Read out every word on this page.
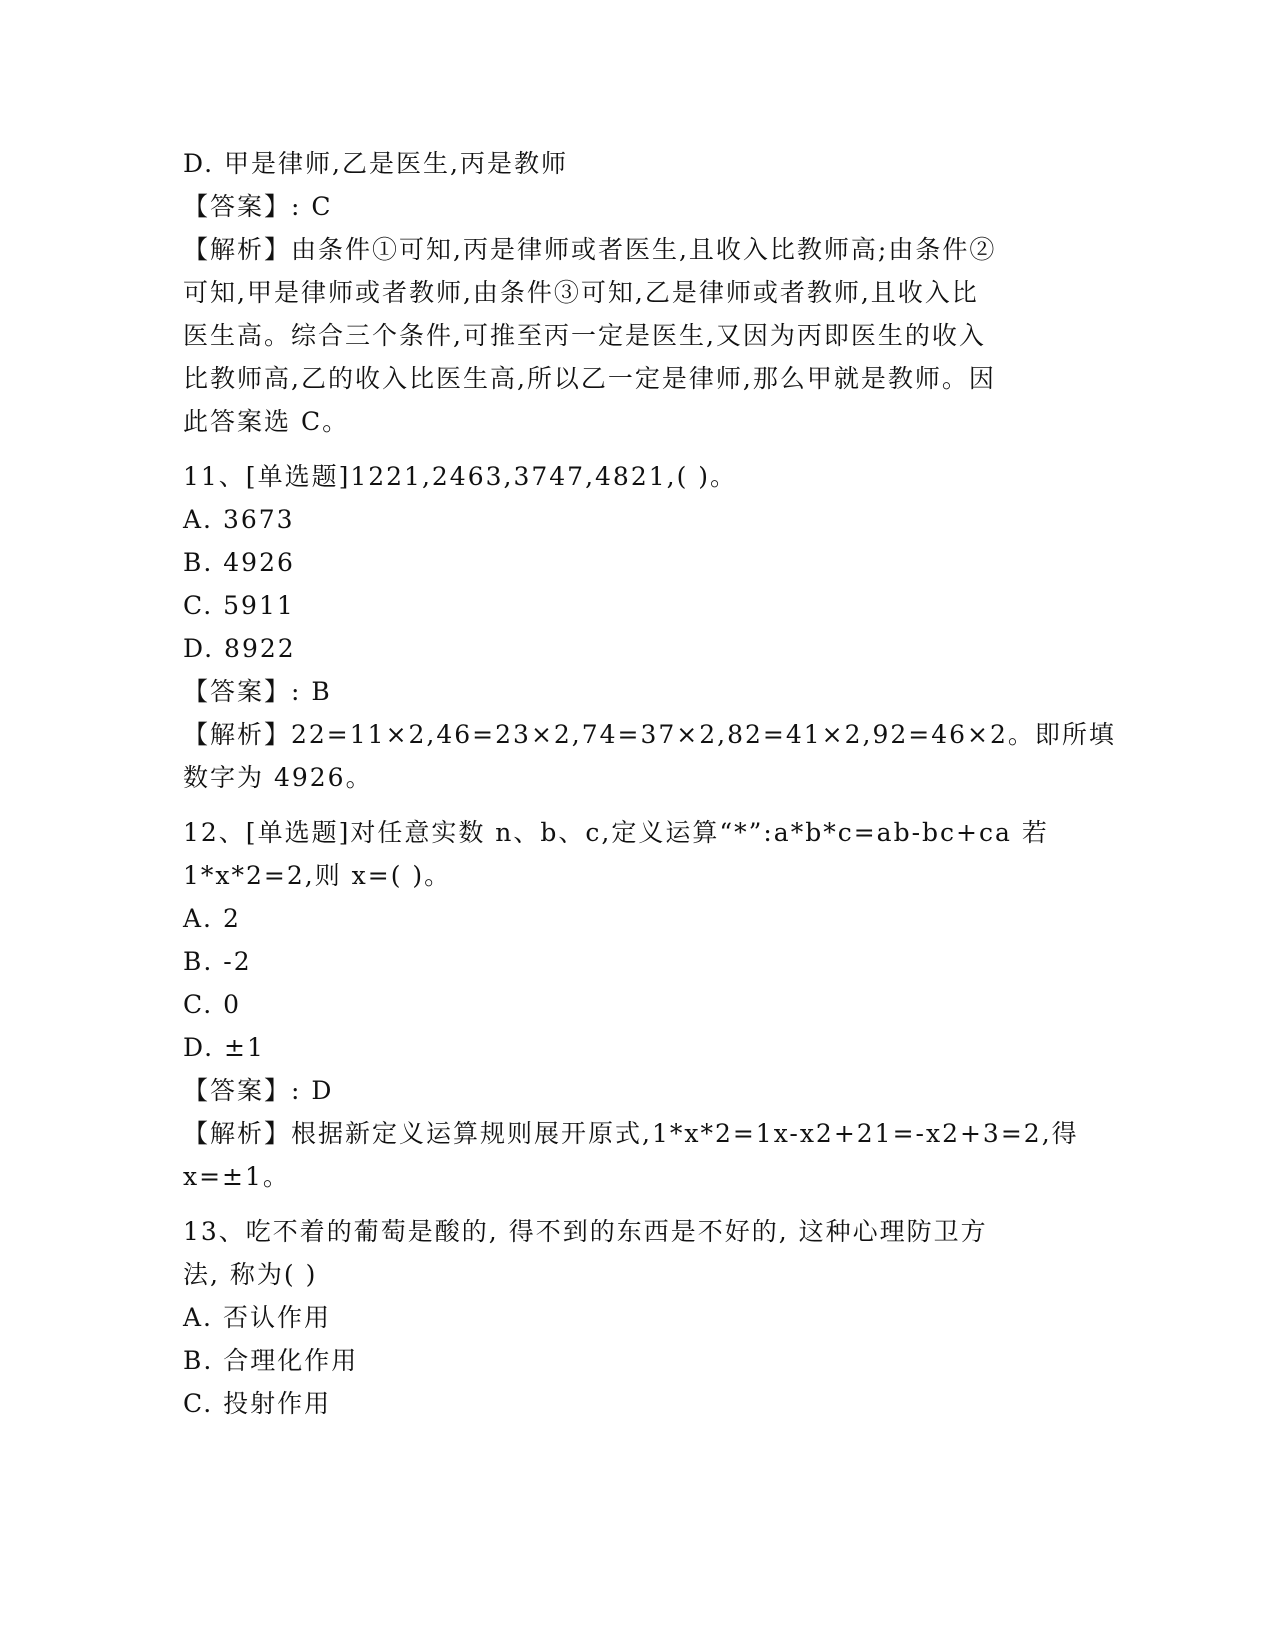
D. 甲是律师,乙是医生,丙是教师
【答案】: C
【解析】由条件①可知,丙是律师或者医生,且收入比教师高;由条件②
可知,甲是律师或者教师,由条件③可知,乙是律师或者教师,且收入比
医生高。综合三个条件,可推至丙一定是医生,又因为丙即医生的收入
比教师高,乙的收入比医生高,所以乙一定是律师,那么甲就是教师。因
此答案选 C。
11、[单选题]1221,2463,3747,4821,( )。
A. 3673
B. 4926
C. 5911
D. 8922
【答案】: B
【解析】22=11×2,46=23×2,74=37×2,82=41×2,92=46×2。即所填
数字为 4926。
12、[单选题]对任意实数 n、b、c,定义运算“*”:a*b*c=ab-bc+ca 若
1*x*2=2,则 x=( )。
A. 2
B. -2
C. 0
D. ±1
【答案】: D
【解析】根据新定义运算规则展开原式,1*x*2=1x-x2+21=-x2+3=2,得
x=±1。
13、吃不着的葡萄是酸的, 得不到的东西是不好的, 这种心理防卫方
法, 称为( )
A. 否认作用
B. 合理化作用
C. 投射作用
